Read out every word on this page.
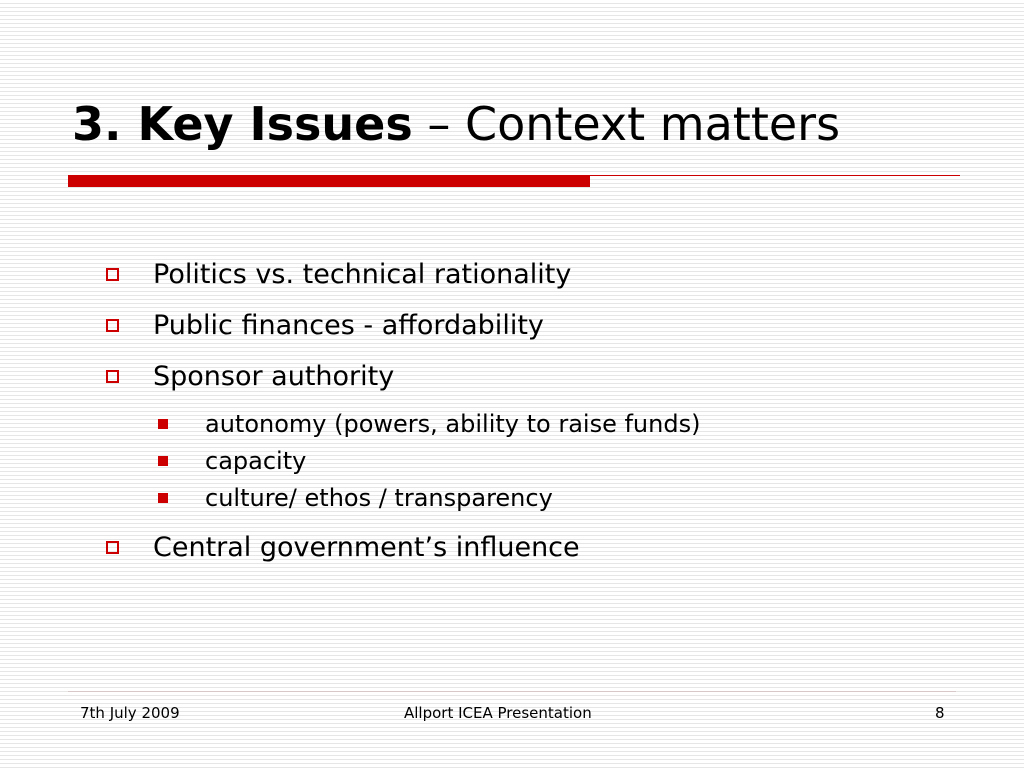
3. Key Issues – Context matters
Politics vs. technical rationality
Public finances - affordability
Sponsor authority
autonomy (powers, ability to raise funds)
capacity
culture/ ethos / transparency
Central government’s influence
7th July 2009	Allport ICEA Presentation	8
